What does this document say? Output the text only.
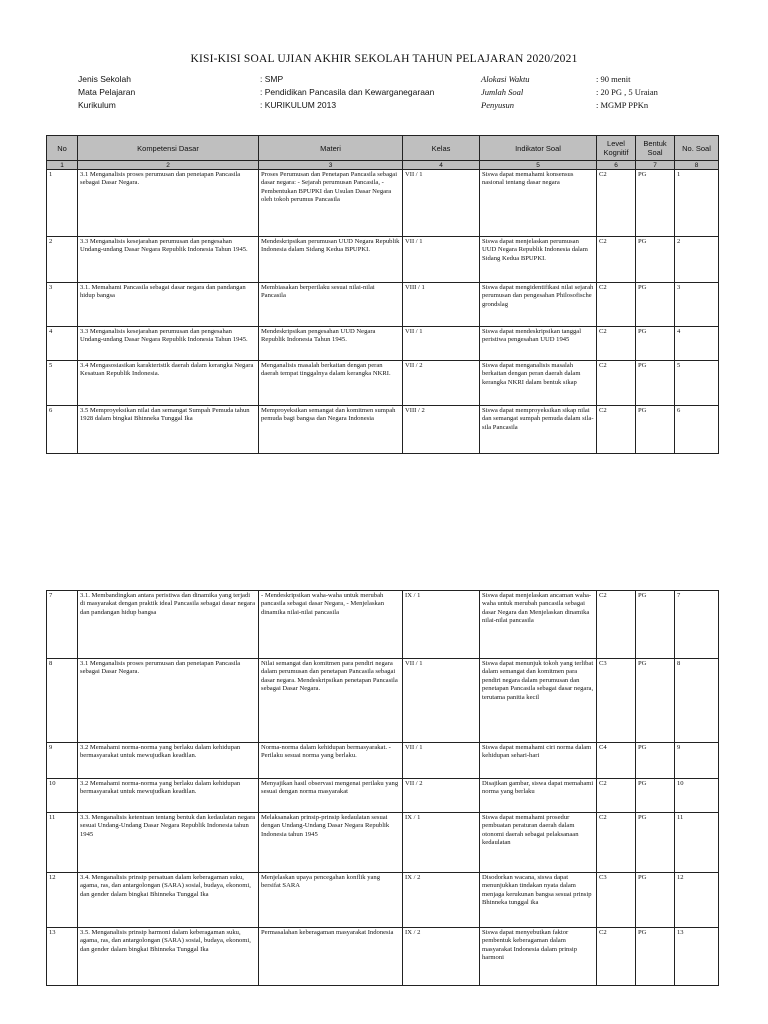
KISI-KISI SOAL UJIAN AKHIR SEKOLAH TAHUN PELAJARAN 2020/2021
Jenis Sekolah	: SMP
Mata Pelajaran	: Pendidikan Pancasila dan Kewarganegaraan
Kurikulum	: KURIKULUM 2013
Alokasi Waktu	: 90 menit
Jumlah Soal	: 20 PG , 5 Uraian
Penyusun	: MGMP PPKn
No	Kompetensi Dasar	Materi	Kelas	Indikator Soal	Level Kognitif	Bentuk Soal	No. Soal
1	2	3	4	5	6	7	8
1	3.1 Menganalisis proses perumusan dan penetapan Pancasila sebagai Dasar Negara.	Proses Perumusan dan Penetapan Pancasila sebagai dasar negara: - Sejarah perumusan Pancasila, - Pembentukan BPUPKI dan Usulan Dasar Negara oleh tokoh perumus Pancasila	VII / 1	Siswa dapat memahami konsensus nasional tentang dasar negara	C2	PG	1
2	3.3 Menganalisis kesejarahan perumusan dan pengesahan Undang-undang Dasar Negara Republik Indonesia Tahun 1945.	Mendeskripsikan perumusan UUD Negara Republik Indonesia dalam Sidang Kedua BPUPKI.	VII / 1	Siswa dapat menjelaskan perumusan UUD Negara Republik Indonesia dalam Sidang Kedua BPUPKI.	C2	PG	2
3	3.1. Memahami Pancasila sebagai dasar negara dan pandangan hidup bangsa	Membiasakan berperilaku sesuai nilai-nilai Pancasila	VIII / 1	Siswa dapat mengidentifikasi nilai sejarah perumusan dan pengesahan Philosofische grondslag	C2	PG	3
4	3.3 Menganalisis kesejarahan perumusan dan pengesahan Undang-undang Dasar Negara Republik Indonesia Tahun 1945.	Mendeskripsikan pengesahan UUD Negara Republik Indonesia Tahun 1945.	VII / 1	Siswa dapat mendeskripsikan tanggal peristiwa pengesahan UUD 1945	C2	PG	4
5	3.4 Mengasosiasikan karakteristik daerah dalam kerangka Negara Kesatuan Republik Indonesia.	Menganalisis masalah berkaitan dengan peran daerah tempat tinggalnya dalam kerangka NKRI.	VII / 2	Siswa dapat menganalisis masalah berkaitan dengan peran daerah dalam kerangka NKRI dalam bentuk sikap	C2	PG	5
6	3.5 Memproyeksikan nilai dan semangat Sumpah Pemuda tahun 1928 dalam bingkai Bhinneka Tunggal Ika	Memproyeksikan semangat dan komitmen sumpah pemuda bagi bangsa dan Negara Indonesia	VIII / 2	Siswa dapat memproyeksikan sikap nilai dan semangat sumpah pemuda dalam sila-sila Pancasila	C2	PG	6
7	3.1. Membandingkan antara peristiwa dan dinamika yang terjadi di masyarakat dengan praktik ideal Pancasila sebagai dasar negara dan pandangan hidup bangsa	- Mendeskripsikan waha-waha untuk merubah pancasila sebagai dasar Negara, - Menjelaskan dinamika nilai-nilai pancasila	IX / 1	Siswa dapat menjelaskan ancaman waha-waha untuk merubah pancasila sebagai dasar Negara dan Menjelaskan dinamika nilai-nilai pancasila	C2	PG	7
8	3.1 Menganalisis proses perumusan dan penetapan Pancasila sebagai Dasar Negara.	Nilai semangat dan komitmen para pendiri negara dalam perumusan dan penetapan Pancasila sebagai dasar negara. Mendeskripsikan penetapan Pancasila sebagai Dasar Negara.	VII / 1	Siswa dapat menunjuk tokoh yang terlibat dalam semangat dan komitmen para pendiri negara dalam perumusan dan penetapan Pancasila sebagai dasar negara, terutama panitia kecil	C3	PG	8
9	3.2 Memahami norma-norma yang berlaku dalam kehidupan bermasyarakat untuk mewujudkan keadilan.	Norma-norma dalam kehidupan bermasyarakat. - Perilaku sesuai norma yang berlaku.	VII / 1	Siswa dapat memahami ciri norma dalam kehidupan sehari-hari	C4	PG	9
10	3.2 Memahami norma-norma yang berlaku dalam kehidupan bermasyarakat untuk mewujudkan keadilan.	Menyajikan hasil observasi mengenai perilaku yang sesuai dengan norma masyarakat	VII / 2	Disajikan gambar, siswa dapat memahami norma yang berlaku	C2	PG	10
11	3.3. Menganalisis ketentuan tentang bentuk dan kedaulatan negara sesuai Undang-Undang Dasar Negara Republik Indonesia tahun 1945	Melaksanakan prinsip-prinsip kedaulatan sesuai dengan Undang-Undang Dasar Negara Republik Indonesia tahun 1945	IX / 1	Siswa dapat memahami prosedur pembuatan peraturan daerah dalam otonomi daerah sebagai pelaksanaan kedaulatan	C2	PG	11
12	3.4. Menganalisis prinsip persatuan dalam keberagaman suku, agama, ras, dan antargolongan (SARA) sosial, budaya, ekonomi, dan gender dalam bingkai Bhinneka Tunggal Ika	Menjelaskan upaya pencegahan konflik yang bersifat SARA	IX / 2	Disodorkan wacana, siswa dapat menunjukkan tindakan nyata dalam menjaga kerukunan bangsa sesuai prinsip Bhinneka tunggal ika	C3	PG	12
13	3.5. Menganalisis prinsip harmoni dalam keberagaman suku, agama, ras, dan antargolongan (SARA) sosial, budaya, ekonomi, dan gender dalam bingkai Bhinneka Tunggal Ika	Permasalahan keberagaman masyarakat Indonesia	IX / 2	Siswa dapat menyebutkan faktor pembentuk keberagaman dalam masyarakat Indonesia dalam prinsip harmoni	C2	PG	13
